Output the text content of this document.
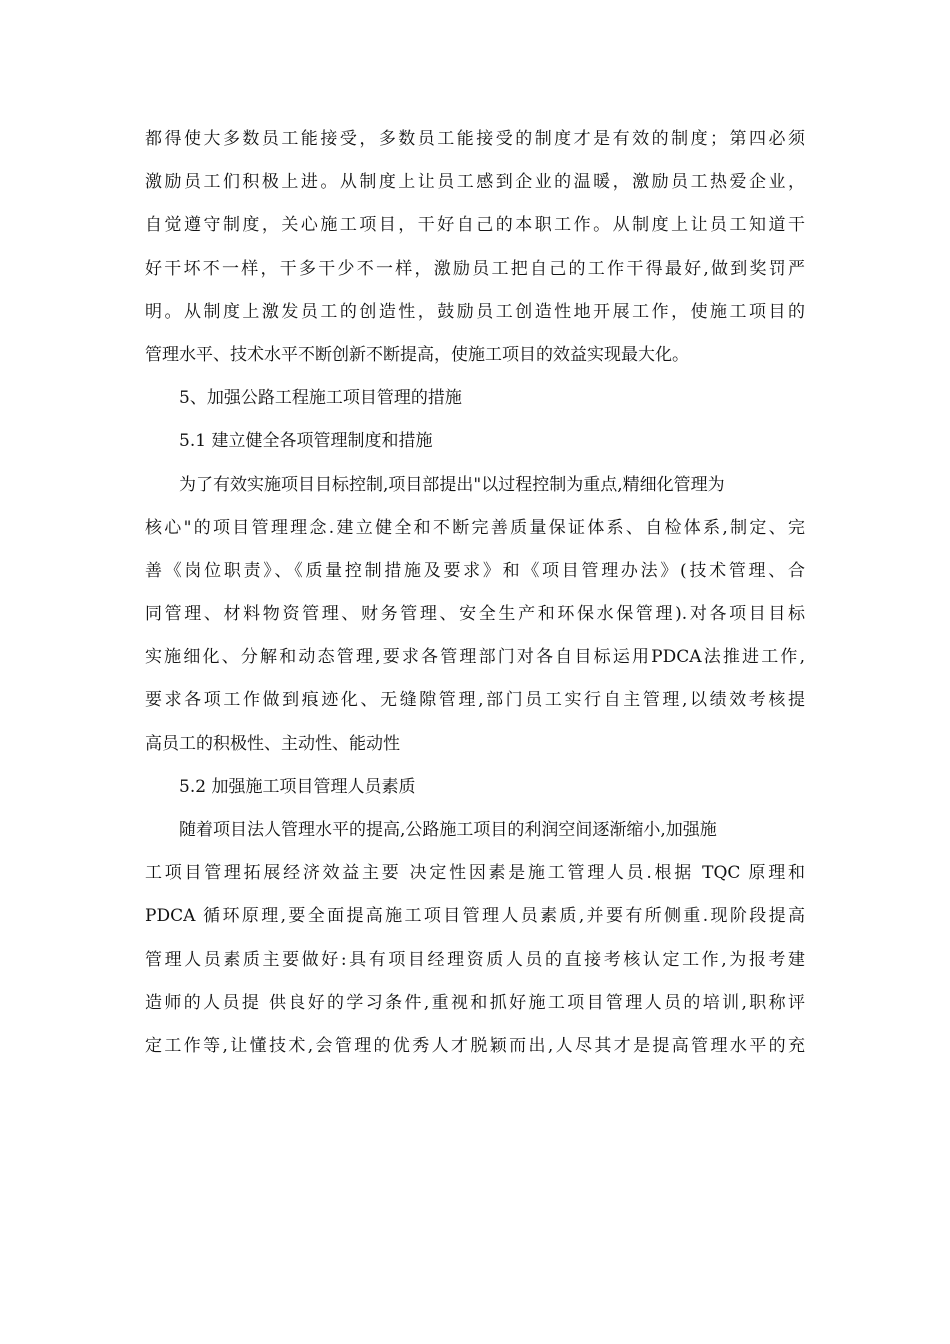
都得使大多数员工能接受，多数员工能接受的制度才是有效的制度；第四必须
激励员工们积极上进。从制度上让员工感到企业的温暖，激励员工热爱企业，
自觉遵守制度，关心施工项目，干好自己的本职工作。从制度上让员工知道干
好干坏不一样，干多干少不一样，激励员工把自己的工作干得最好,做到奖罚严
明。从制度上激发员工的创造性，鼓励员工创造性地开展工作，使施工项目的
管理水平、技术水平不断创新不断提高，使施工项目的效益实现最大化。
5、加强公路工程施工项目管理的措施
5.1 建立健全各项管理制度和措施
为了有效实施项目目标控制,项目部提出"以过程控制为重点,精细化管理为
核心"的项目管理理念.建立健全和不断完善质量保证体系、自检体系,制定、完
善《岗位职责》、《质量控制措施及要求》和《项目管理办法》(技术管理、合
同管理、材料物资管理、财务管理、安全生产和环保水保管理).对各项目目标
实施细化、分解和动态管理,要求各管理部门对各自目标运用PDCA法推进工作,
要求各项工作做到痕迹化、无缝隙管理,部门员工实行自主管理,以绩效考核提
高员工的积极性、主动性、能动性
5.2 加强施工项目管理人员素质
随着项目法人管理水平的提高,公路施工项目的利润空间逐渐缩小,加强施
工项目管理拓展经济效益主要 决定性因素是施工管理人员.根据 TQC 原理和
PDCA 循环原理,要全面提高施工项目管理人员素质,并要有所侧重.现阶段提高
管理人员素质主要做好:具有项目经理资质人员的直接考核认定工作,为报考建
造师的人员提 供良好的学习条件,重视和抓好施工项目管理人员的培训,职称评
定工作等,让懂技术,会管理的优秀人才脱颖而出,人尽其才是提高管理水平的充
